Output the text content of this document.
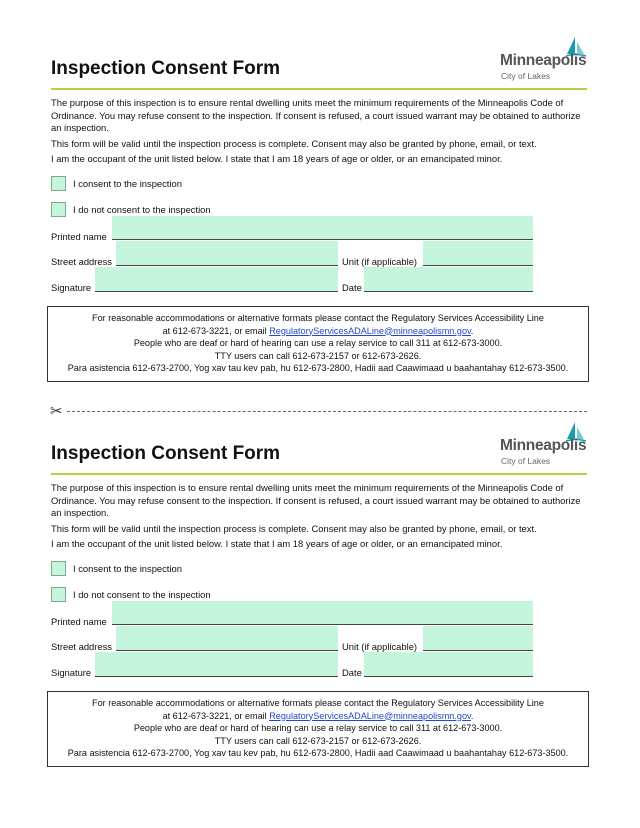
Inspection Consent Form	Minneapolis
City of Lakes

The purpose of this inspection is to ensure rental dwelling units meet the minimum requirements of the Minneapolis Code of Ordinance. You may refuse consent to the inspection. If consent is refused, a court issued warrant may be obtained to authorize an inspection.

This form will be valid until the inspection process is complete. Consent may also be granted by phone, email, or text.

I am the occupant of the unit listed below. I state that I am 18 years of age or older, or an emancipated minor.

I consent to the inspection
I do not consent to the inspection
Printed name
Street address	Unit (if applicable)
Signature	Date
For reasonable accommodations or alternative formats please contact the Regulatory Services Accessibility Line
at 612-673-3221, or email RegulatoryServicesADALine@minneapolismn.gov.
People who are deaf or hard of hearing can use a relay service to call 311 at 612-673-3000.
TTY users can call 612-673-2157 or 612-673-2626.
Para asistencia 612-673-2700, Yog xav tau kev pab, hu 612-673-2800, Hadii aad Caawimaad u baahantahay 612-673-3500.
✂
Inspection Consent Form	Minneapolis
City of Lakes

The purpose of this inspection is to ensure rental dwelling units meet the minimum requirements of the Minneapolis Code of Ordinance. You may refuse consent to the inspection. If consent is refused, a court issued warrant may be obtained to authorize an inspection.

This form will be valid until the inspection process is complete. Consent may also be granted by phone, email, or text.

I am the occupant of the unit listed below. I state that I am 18 years of age or older, or an emancipated minor.

I consent to the inspection
I do not consent to the inspection
Printed name
Street address	Unit (if applicable)
Signature	Date
For reasonable accommodations or alternative formats please contact the Regulatory Services Accessibility Line
at 612-673-3221, or email RegulatoryServicesADALine@minneapolismn.gov.
People who are deaf or hard of hearing can use a relay service to call 311 at 612-673-3000.
TTY users can call 612-673-2157 or 612-673-2626.
Para asistencia 612-673-2700, Yog xav tau kev pab, hu 612-673-2800, Hadii aad Caawimaad u baahantahay 612-673-3500.
